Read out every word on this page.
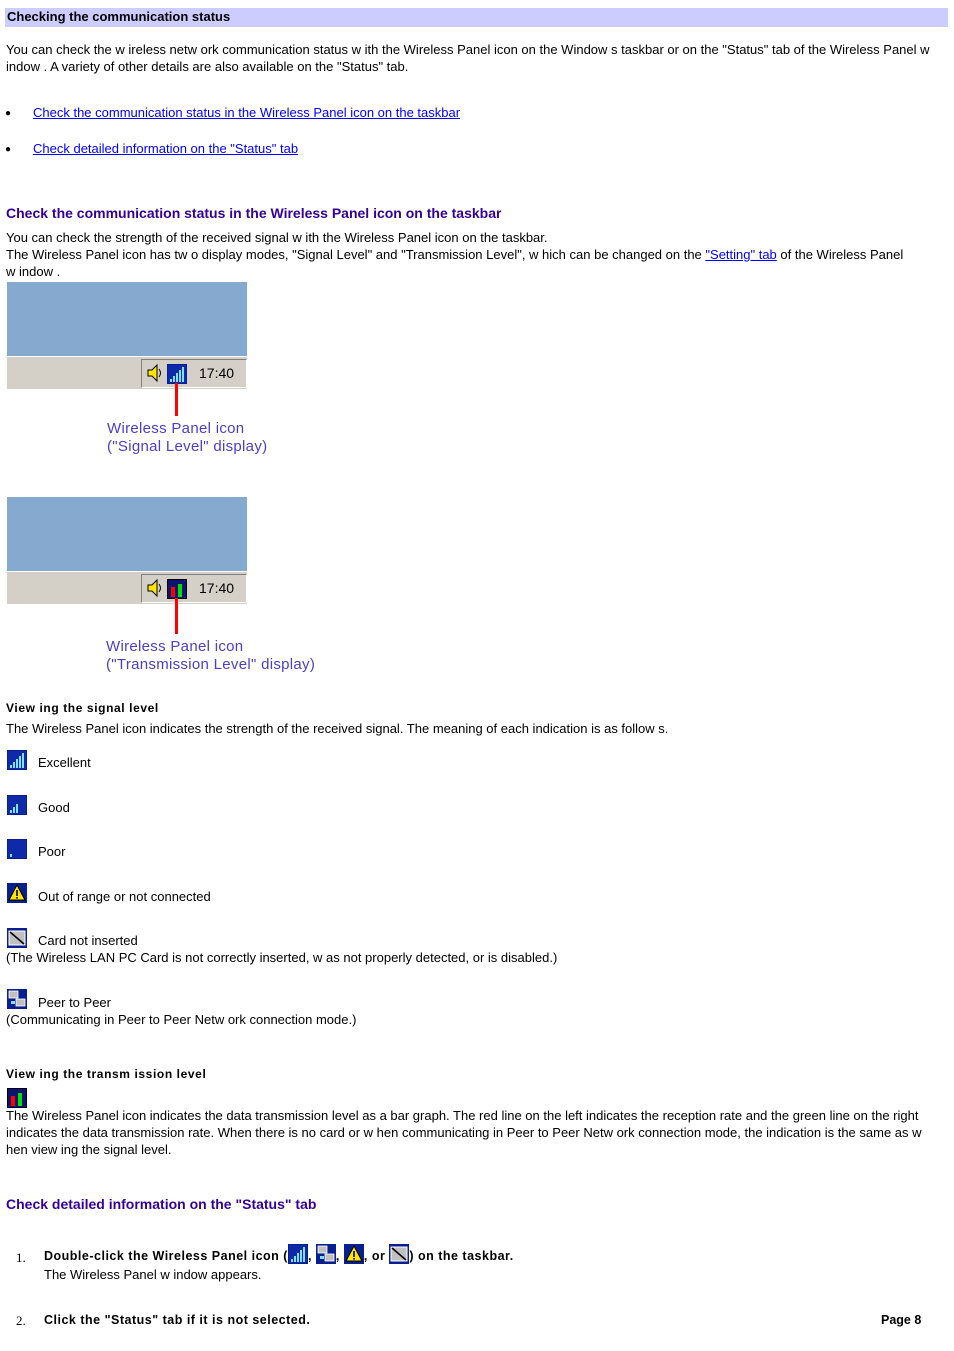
Checking the communication status

You can check the w ireless netw ork communication status w ith the Wireless Panel icon on the Window s taskbar or on the "Status" tab of the Wireless Panel w indow . A variety of other details are also available on the "Status" tab.

● Check the communication status in the Wireless Panel icon on the taskbar
● Check detailed information on the "Status" tab
Check the communication status in the Wireless Panel icon on the taskbar

You can check the strength of the received signal w ith the Wireless Panel icon on the taskbar.

The Wireless Panel icon has tw o display modes, "Signal Level" and "Transmission Level", w hich can be changed on the "Setting" tab of the Wireless Panel

w indow .

17:40
Wireless Panel icon
("Signal Level" display)
17:40
Wireless Panel icon
("Transmission Level" display)
View ing the signal level

The Wireless Panel icon indicates the strength of the received signal. The meaning of each indication is as follow s.

Excellent
Good
Poor
Out of range or not connected
Card not inserted

(The Wireless LAN PC Card is not correctly inserted, w as not properly detected, or is disabled.)

Peer to Peer

(Communicating in Peer to Peer Netw ork connection mode.)

View ing the transm ission level

The Wireless Panel icon indicates the data transmission level as a bar graph. The red line on the left indicates the reception rate and the green line on the right indicates the data transmission rate. When there is no card or w hen communicating in Peer to Peer Netw ork connection mode, the indication is the same as w hen view ing the signal level.

Check detailed information on the "Status" tab
1. Double-click the Wireless Panel icon ( , , , or ) on the taskbar.

The Wireless Panel w indow appears.

2. Click the "Status" tab if it is not selected.	Page 8
